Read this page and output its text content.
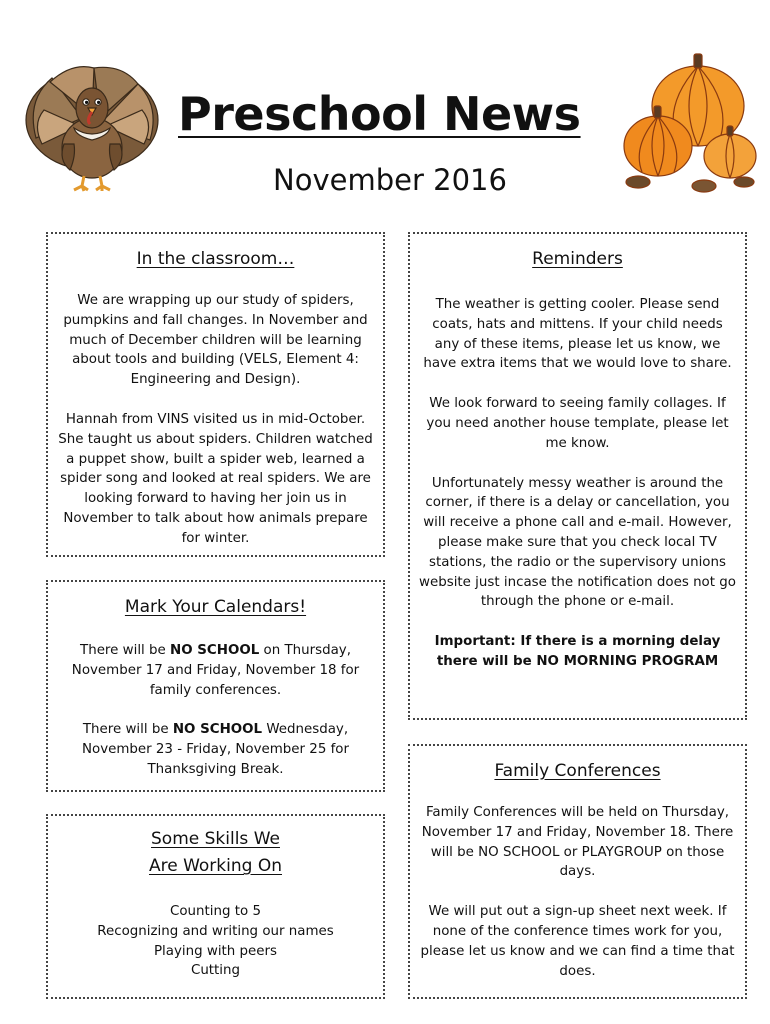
Preschool News
November 2016
In the classroom…

We are wrapping up our study of spiders, pumpkins and fall changes. In November and much of December children will be learning about tools and building (VELS, Element 4: Engineering and Design).

Hannah from VINS visited us in mid-October. She taught us about spiders. Children watched a puppet show, built a spider web, learned a spider song and looked at real spiders. We are looking forward to having her join us in November to talk about how animals prepare for winter.

Mark Your Calendars!

There will be NO SCHOOL on Thursday, November 17 and Friday, November 18 for family conferences.

There will be NO SCHOOL Wednesday, November 23 - Friday, November 25 for Thanksgiving Break.

Some Skills We Are Working On
Counting to 5
Recognizing and writing our names
Playing with peers
Cutting
Reminders

The weather is getting cooler. Please send coats, hats and mittens. If your child needs any of these items, please let us know, we have extra items that we would love to share.

We look forward to seeing family collages. If you need another house template, please let me know.

Unfortunately messy weather is around the corner, if there is a delay or cancellation, you will receive a phone call and e-mail. However, please make sure that you check local TV stations, the radio or the supervisory unions website just incase the notification does not go through the phone or e-mail.

Important: If there is a morning delay there will be NO MORNING PROGRAM

Family Conferences

Family Conferences will be held on Thursday, November 17 and Friday, November 18. There will be NO SCHOOL or PLAYGROUP on those days.

We will put out a sign-up sheet next week. If none of the conference times work for you, please let us know and we can find a time that does.
